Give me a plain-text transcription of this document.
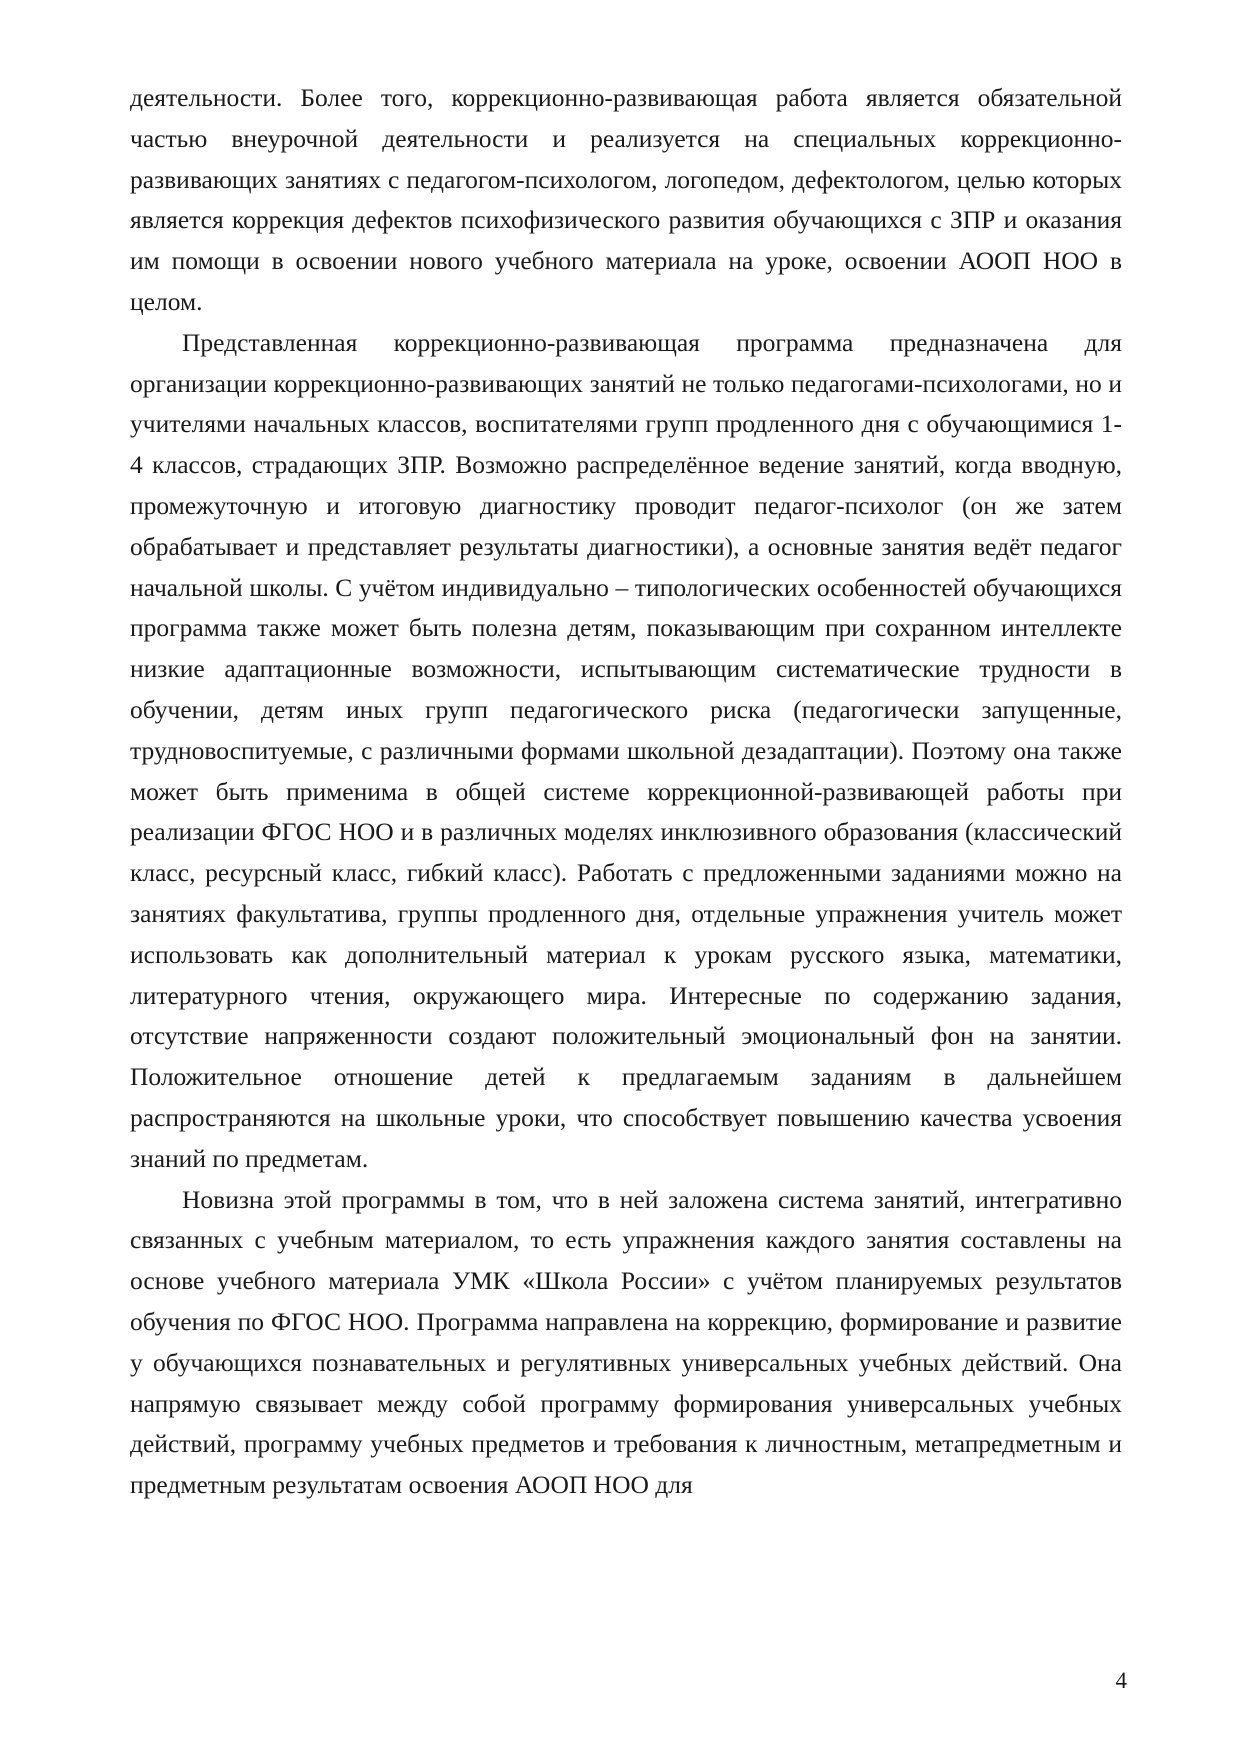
деятельности. Более того, коррекционно-развивающая работа является обязательной частью внеурочной деятельности и реализуется на специальных коррекционно-развивающих занятиях с педагогом-психологом, логопедом, дефектологом, целью которых является коррекция дефектов психофизического развития обучающихся с ЗПР и оказания им помощи в освоении нового учебного материала на уроке, освоении АООП НОО в целом.

Представленная коррекционно-развивающая программа предназначена для организации коррекционно-развивающих занятий не только педагогами-психологами, но и учителями начальных классов, воспитателями групп продленного дня с обучающимися 1-4 классов, страдающих ЗПР. Возможно распределённое ведение занятий, когда вводную, промежуточную и итоговую диагностику проводит педагог-психолог (он же затем обрабатывает и представляет результаты диагностики), а основные занятия ведёт педагог начальной школы. С учётом индивидуально – типологических особенностей обучающихся программа также может быть полезна детям, показывающим при сохранном интеллекте низкие адаптационные возможности, испытывающим систематические трудности в обучении, детям иных групп педагогического риска (педагогически запущенные, трудновоспитуемые, с различными формами школьной дезадаптации). Поэтому она также может быть применима в общей системе коррекционной-развивающей работы при реализации ФГОС НОО и в различных моделях инклюзивного образования (классический класс, ресурсный класс, гибкий класс). Работать с предложенными заданиями можно на занятиях факультатива, группы продленного дня, отдельные упражнения учитель может использовать как дополнительный материал к урокам русского языка, математики, литературного чтения, окружающего мира. Интересные по содержанию задания, отсутствие напряженности создают положительный эмоциональный фон на занятии. Положительное отношение детей к предлагаемым заданиям в дальнейшем распространяются на школьные уроки, что способствует повышению качества усвоения знаний по предметам.

Новизна этой программы в том, что в ней заложена система занятий, интегративно связанных с учебным материалом, то есть упражнения каждого занятия составлены на основе учебного материала УМК «Школа России» с учётом планируемых результатов обучения по ФГОС НОО. Программа направлена на коррекцию, формирование и развитие у обучающихся познавательных и регулятивных универсальных учебных действий. Она напрямую связывает между собой программу формирования универсальных учебных действий, программу учебных предметов и требования к личностным, метапредметным и предметным результатам освоения АООП НОО для

4
